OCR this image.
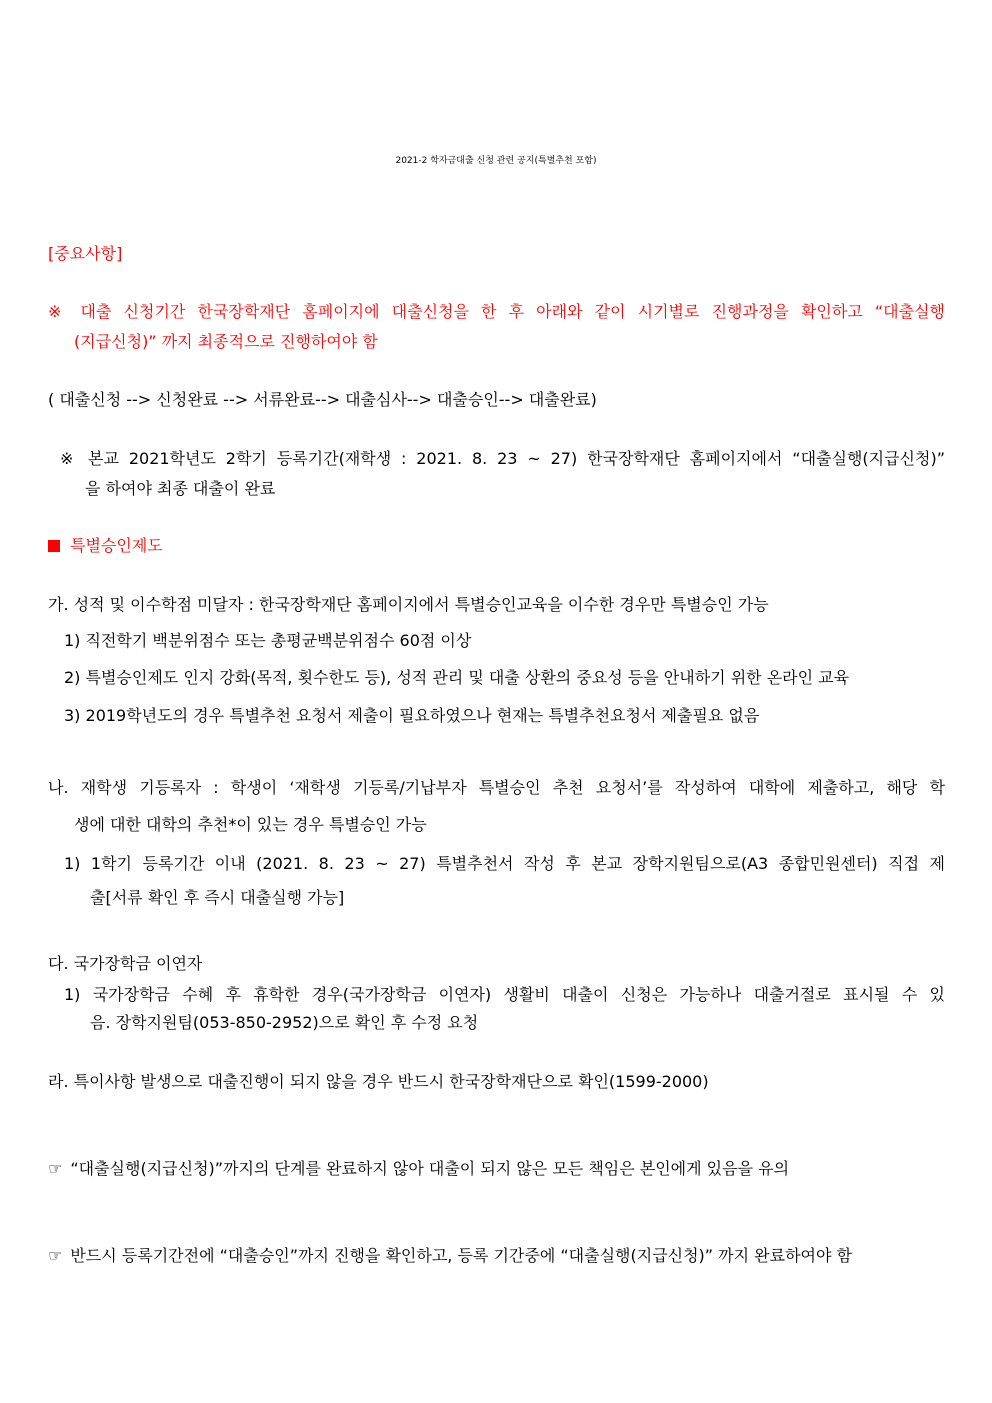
2021-2 학자금대출 신청 관련 공지(특별추천 포함)
[중요사항]
※ 대출 신청기간 한국장학재단 홈페이지에 대출신청을 한 후 아래와 같이 시기별로 진행과정을 확인하고 “대출실행
(지급신청)” 까지 최종적으로 진행하여야 함
( 대출신청 --> 신청완료 --> 서류완료--> 대출심사--> 대출승인--> 대출완료)
※ 본교 2021학년도 2학기 등록기간(재학생 : 2021. 8. 23 ~ 27) 한국장학재단 홈페이지에서 “대출실행(지급신청)”
을 하여야 최종 대출이 완료
특별승인제도
가. 성적 및 이수학점 미달자 : 한국장학재단 홈페이지에서 특별승인교육을 이수한 경우만 특별승인 가능
1) 직전학기 백분위점수 또는 총평균백분위점수 60점 이상
2) 특별승인제도 인지 강화(목적, 횟수한도 등), 성적 관리 및 대출 상환의 중요성 등을 안내하기 위한 온라인 교육
3) 2019학년도의 경우 특별추천 요청서 제출이 필요하였으나 현재는 특별추천요청서 제출필요 없음
나. 재학생 기등록자 : 학생이 ‘재학생 기등록/기납부자 특별승인 추천 요청서’를 작성하여 대학에 제출하고, 해당 학
생에 대한 대학의 추천*이 있는 경우 특별승인 가능
1) 1학기 등록기간 이내 (2021. 8. 23 ~ 27) 특별추천서 작성 후 본교 장학지원팀으로(A3 종합민원센터) 직접 제
출[서류 확인 후 즉시 대출실행 가능]
다. 국가장학금 이연자
1) 국가장학금 수혜 후 휴학한 경우(국가장학금 이연자) 생활비 대출이 신청은 가능하나 대출거절로 표시될 수 있
음. 장학지원팀(053-850-2952)으로 확인 후 수정 요청
라. 특이사항 발생으로 대출진행이 되지 않을 경우 반드시 한국장학재단으로 확인(1599-2000)
☞ “대출실행(지급신청)”까지의 단계를 완료하지 않아 대출이 되지 않은 모든 책임은 본인에게 있음을 유의
☞ 반드시 등록기간전에 “대출승인”까지 진행을 확인하고, 등록 기간중에 “대출실행(지급신청)” 까지 완료하여야 함
